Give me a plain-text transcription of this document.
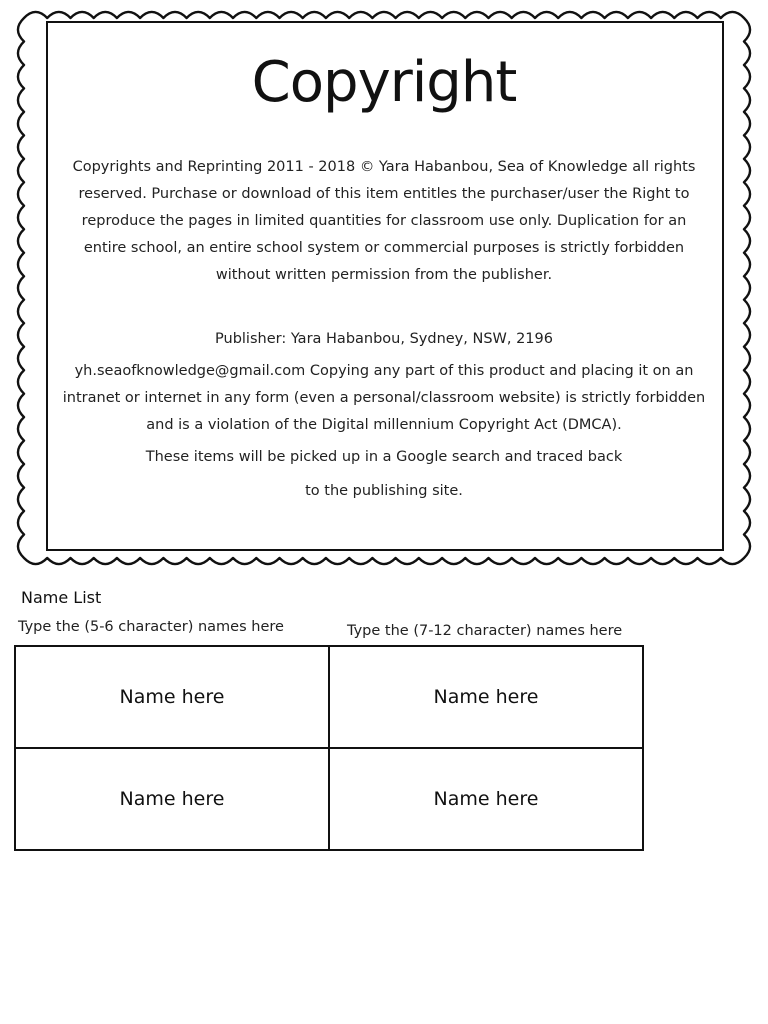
Copyright
Copyrights and Reprinting 2011 - 2018 © Yara Habanbou, Sea of Knowledge all rights reserved. Purchase or download of this item entitles the purchaser/user the Right to reproduce the pages in limited quantities for classroom use only. Duplication for an entire school, an entire school system or commercial purposes is strictly forbidden without written permission from the publisher.
Publisher: Yara Habanbou, Sydney, NSW, 2196
yh.seaofknowledge@gmail.com Copying any part of this product and placing it on an intranet or internet in any form (even a personal/classroom website) is strictly forbidden and is a violation of the Digital millennium Copyright Act (DMCA).
These items will be picked up in a Google search and traced back
to the publishing site.
Name List
Type the (5-6 character) names here	Type the (7-12 character) names here
Name here	Name here
Name here	Name here
